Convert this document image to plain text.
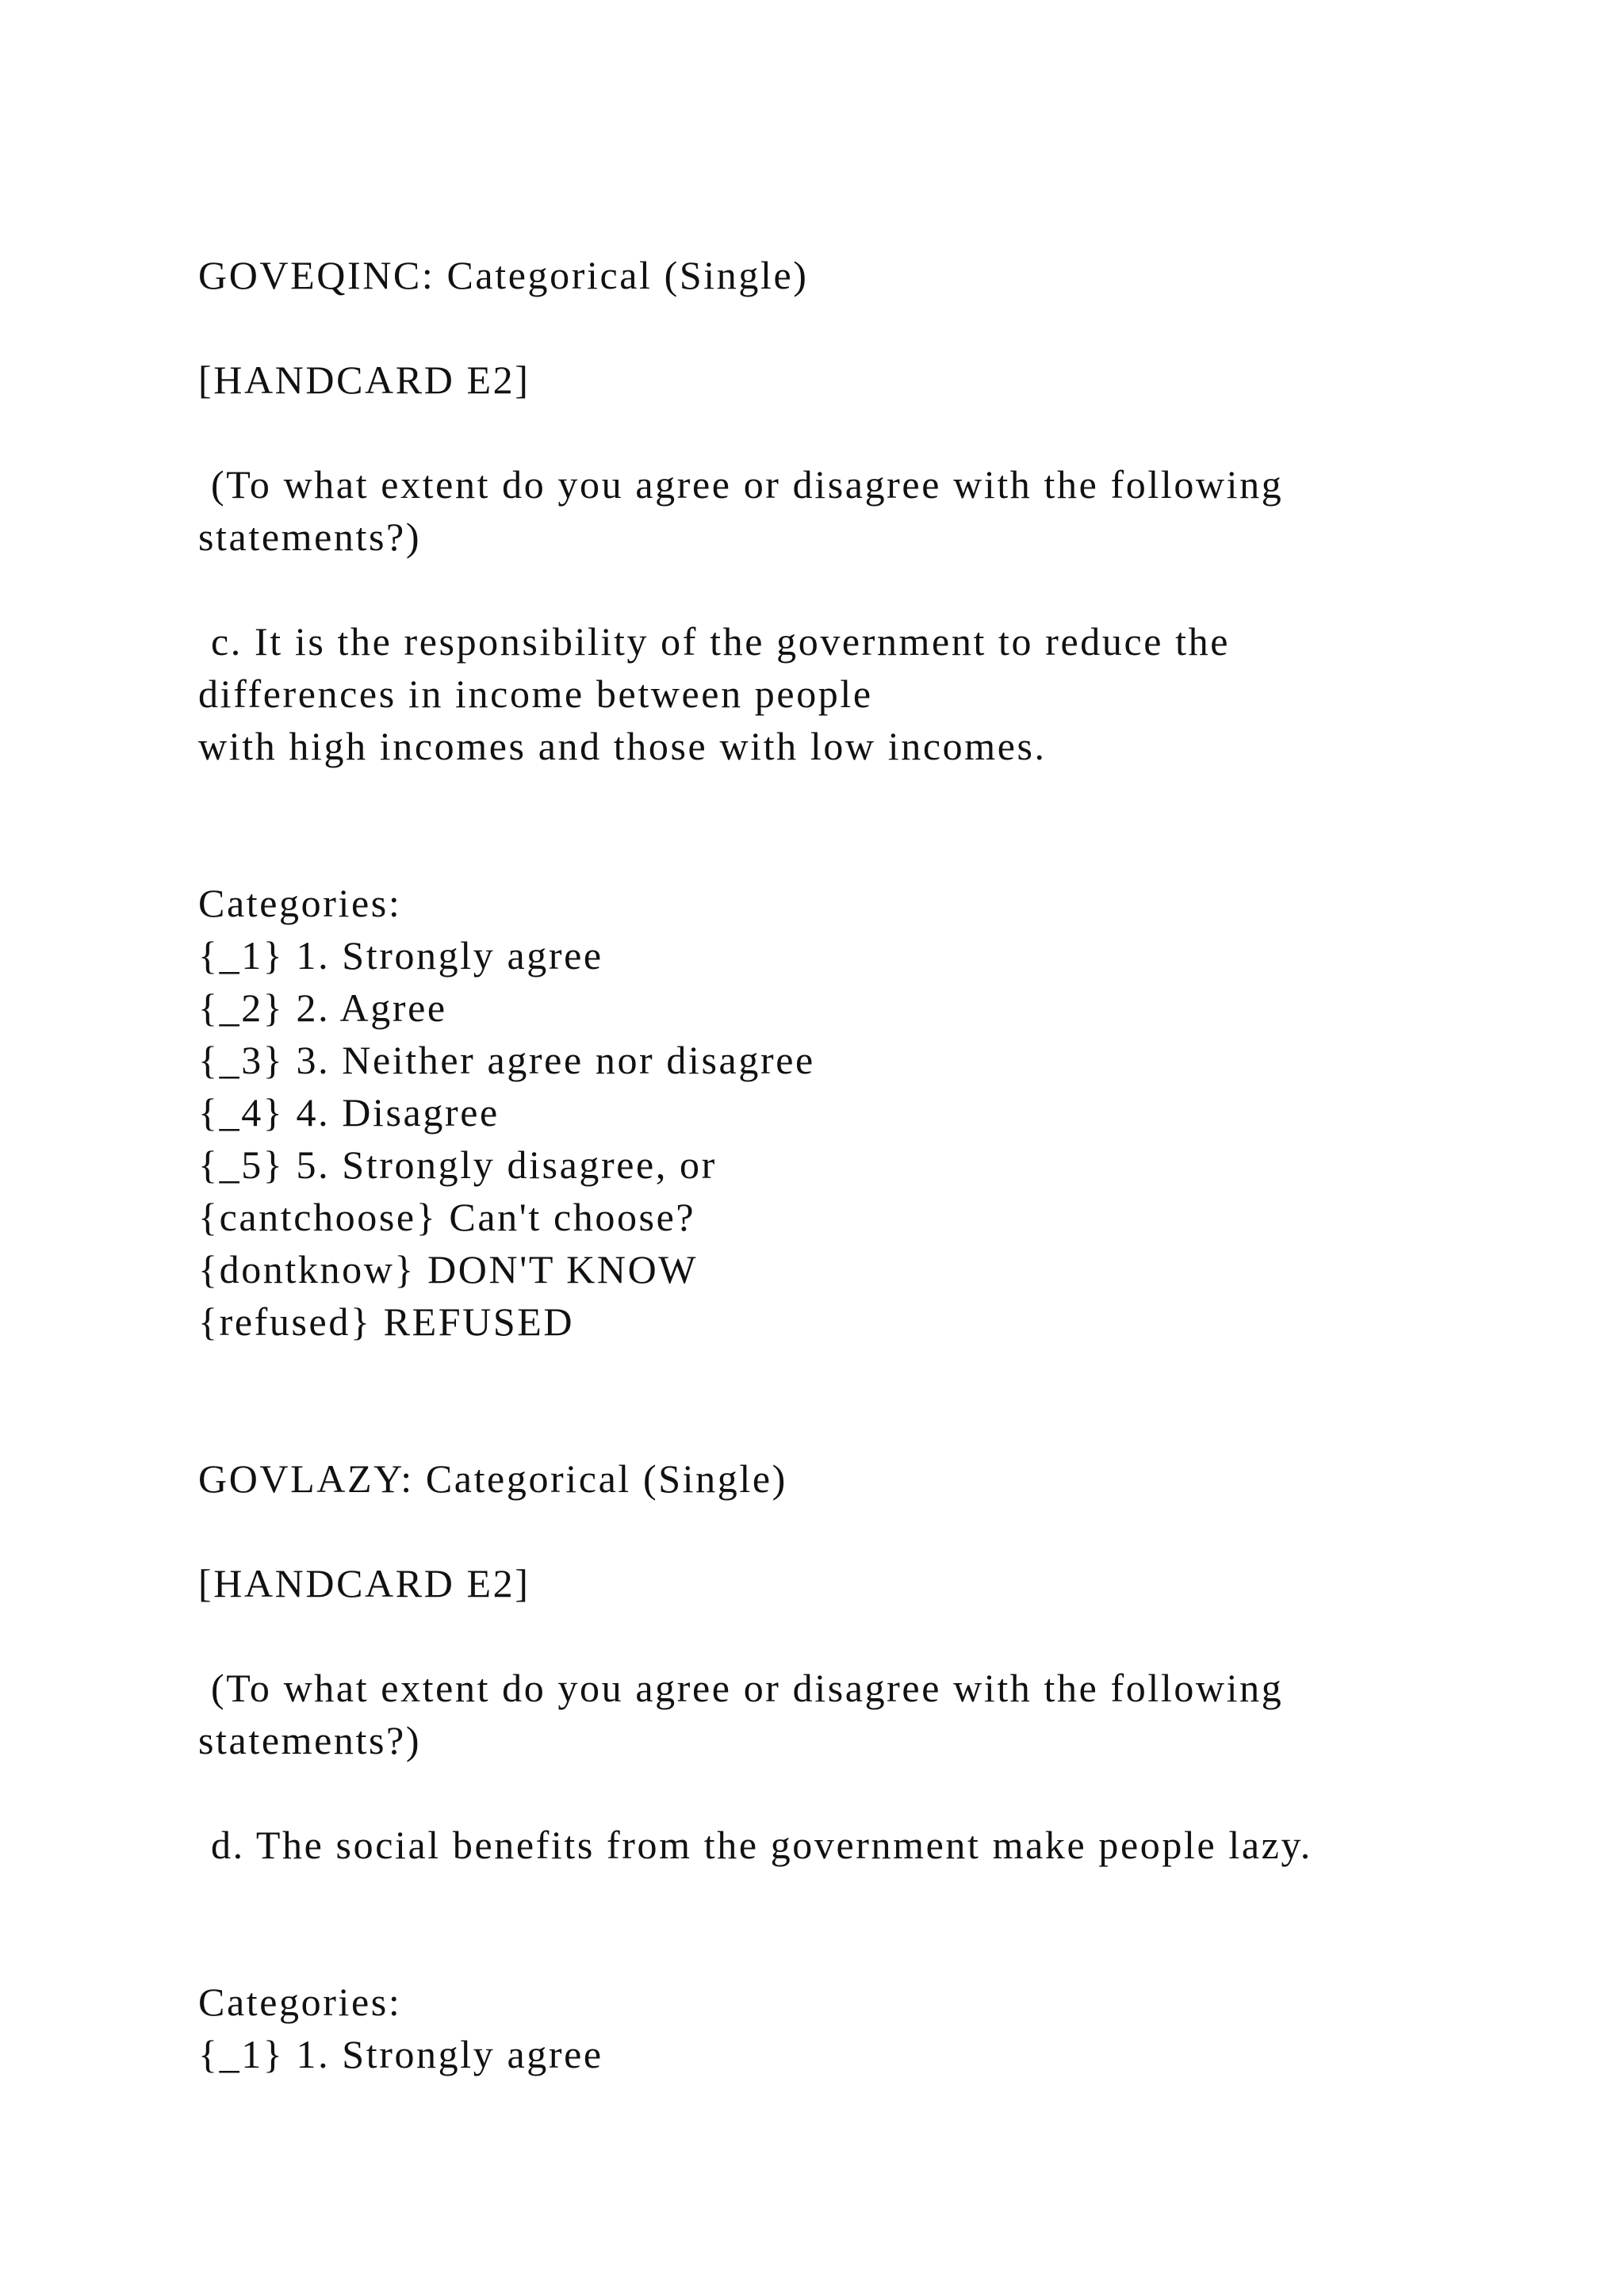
GOVEQINC: Categorical (Single)

[HANDCARD E2]

(To what extent do you agree or disagree with the following

statements?)

c. It is the responsibility of the government to reduce the

differences in income between people

with high incomes and those with low incomes.

Categories:

{_1} 1. Strongly agree

{_2} 2. Agree

{_3} 3. Neither agree nor disagree

{_4} 4. Disagree

{_5} 5. Strongly disagree, or

{cantchoose} Can't choose?

{dontknow} DON'T KNOW

{refused} REFUSED

GOVLAZY: Categorical (Single)

[HANDCARD E2]

(To what extent do you agree or disagree with the following

statements?)

d. The social benefits from the government make people lazy.

Categories:

{_1} 1. Strongly agree
